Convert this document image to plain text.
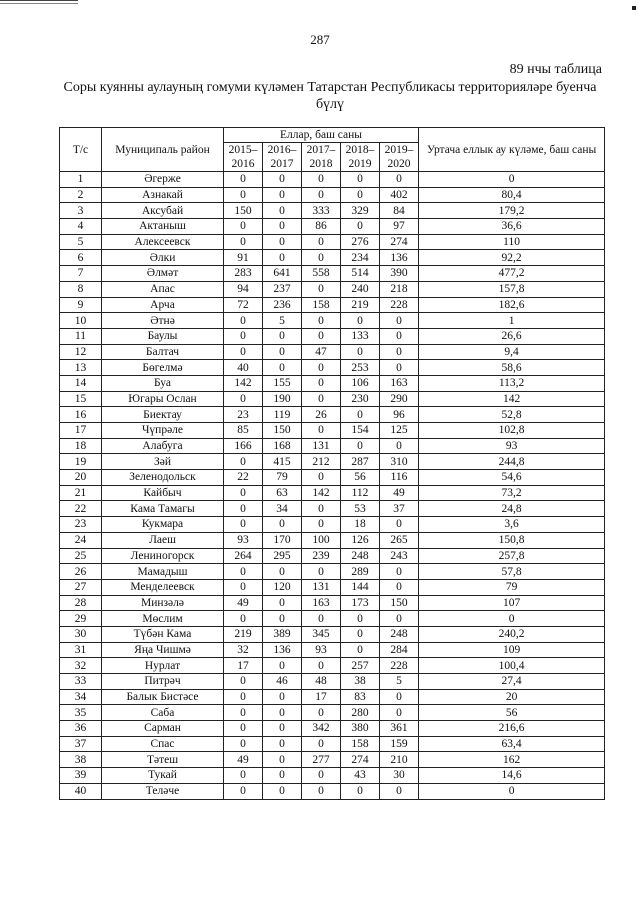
287
89 нчы таблица
Соры куянны аулауның гомуми күләмен Татарстан Республикасы территорияләре буенча бүлү
Т/с	Муниципаль район	Еллар, баш саны					Уртача еллык ау күләме, баш саны
		2015–2016	2016–2017	2017–2018	2018–2019	2019–2020	
1	Әгерже	0	0	0	0	0	0
2	Азнакай	0	0	0	0	402	80,4
3	Аксубай	150	0	333	329	84	179,2
4	Актаныш	0	0	86	0	97	36,6
5	Алексеевск	0	0	0	276	274	110
6	Әлки	91	0	0	234	136	92,2
7	Әлмәт	283	641	558	514	390	477,2
8	Апас	94	237	0	240	218	157,8
9	Арча	72	236	158	219	228	182,6
10	Әтнә	0	5	0	0	0	1
11	Баулы	0	0	0	133	0	26,6
12	Балтач	0	0	47	0	0	9,4
13	Бөгелмә	40	0	0	253	0	58,6
14	Буа	142	155	0	106	163	113,2
15	Югары Ослан	0	190	0	230	290	142
16	Биектау	23	119	26	0	96	52,8
17	Чүпрәле	85	150	0	154	125	102,8
18	Алабуга	166	168	131	0	0	93
19	Зәй	0	415	212	287	310	244,8
20	Зеленодольск	22	79	0	56	116	54,6
21	Кайбыч	0	63	142	112	49	73,2
22	Кама Тамагы	0	34	0	53	37	24,8
23	Кукмара	0	0	0	18	0	3,6
24	Лаеш	93	170	100	126	265	150,8
25	Лениногорск	264	295	239	248	243	257,8
26	Мамадыш	0	0	0	289	0	57,8
27	Менделеевск	0	120	131	144	0	79
28	Минзәлә	49	0	163	173	150	107
29	Мөслим	0	0	0	0	0	0
30	Түбән Кама	219	389	345	0	248	240,2
31	Яңа Чишмә	32	136	93	0	284	109
32	Нурлат	17	0	0	257	228	100,4
33	Питрәч	0	46	48	38	5	27,4
34	Балык Бистәсе	0	0	17	83	0	20
35	Саба	0	0	0	280	0	56
36	Сарман	0	0	342	380	361	216,6
37	Спас	0	0	0	158	159	63,4
38	Тәтеш	49	0	277	274	210	162
39	Тукай	0	0	0	43	30	14,6
40	Теләче	0	0	0	0	0	0
